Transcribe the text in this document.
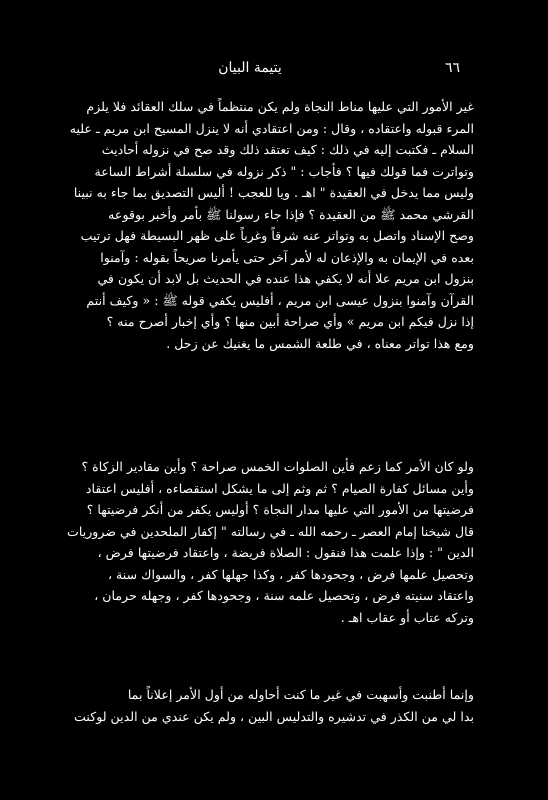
٦٦
يتيمة البيان

غير الأمور التي عليها مناط النجاة ولم يكن منتظماً في سلك العقائد فلا يلزم
المرء قبوله واعتقاده ، وقال : ومن اعتقادي أنه لا ينزل المسيح ابن مريم ـ عليه
السلام ـ فكتبت إليه في ذلك : كيف تعتقد ذلك وقد صح في نزوله أحاديث
وتواترت فما قولك فيها ؟ فأجاب : " ذكر نزوله في سلسلة أشراط الساعة
وليس مما يدخل في العقيدة " اهـ . ويا للعجب ! أليس التصديق بما جاء به نبينا
القرشي محمد ﷺ من العقيدة ؟ فإذا جاء رسولنا ﷺ بأمر وأخبر بوقوعه
وصح الإسناد واتصل به وتواتر عنه شرقاً وغرباً على ظهر البسيطة فهل ترتيب
بعده في الإيمان به والإذعان له لأمر آخر حتى يأمرنا صريحاً بقوله : وآمنوا
بنزول ابن مريم علا أنه لا يكفي هذا عنده في الحديث بل لابد أن يكون في
القرآن وآمنوا بنزول عيسى ابن مريم ، أفليس يكفي قوله ﷺ : « وكيف أنتم
إذا نزل فيكم ابن مريم » وأي صراحة أبين منها ؟ وأي إخبار أصرح منه ؟
ومع هذا تواتر معناه ، في طلعة الشمس ما يغنيك عن زحل .

ولو كان الأمر كما زعم فأين الصلوات الخمس صراحة ؟ وأين مقادير الزكاة ؟
وأين مسائل كفارة الصيام ؟ ثم وثم إلى ما يشكل استقصاءه ، أفليس اعتقاد
فرضيتها من الأمور التي عليها مدار النجاة ؟ أوليس يكفر من أنكر فرضيتها ؟
قال شيخنا إمام العصر ـ رحمه الله ـ في رسالته " إكفار الملحدين في ضروريات
الدين " : وإذا علمت هذا فنقول : الصلاة فريضة ، واعتقاد فرضيتها فرض ،
وتحصيل علمها فرض ، وجحودها كفر ، وكذا جهلها كفر ، والسواك سنة ،
واعتقاد سنيته فرض ، وتحصيل علمه سنة ، وجحودها كفر ، وجهله حرمان ،
وتركه عتاب أو عقاب اهـ .

وإنما أطنبت وأسهبت في غير ما كنت أحاوله من أول الأمر إعلاناً بما
بدا لي من الكذر في تدشيره والتدليس البين ، ولم يكن عندي من الدين لوكنت
